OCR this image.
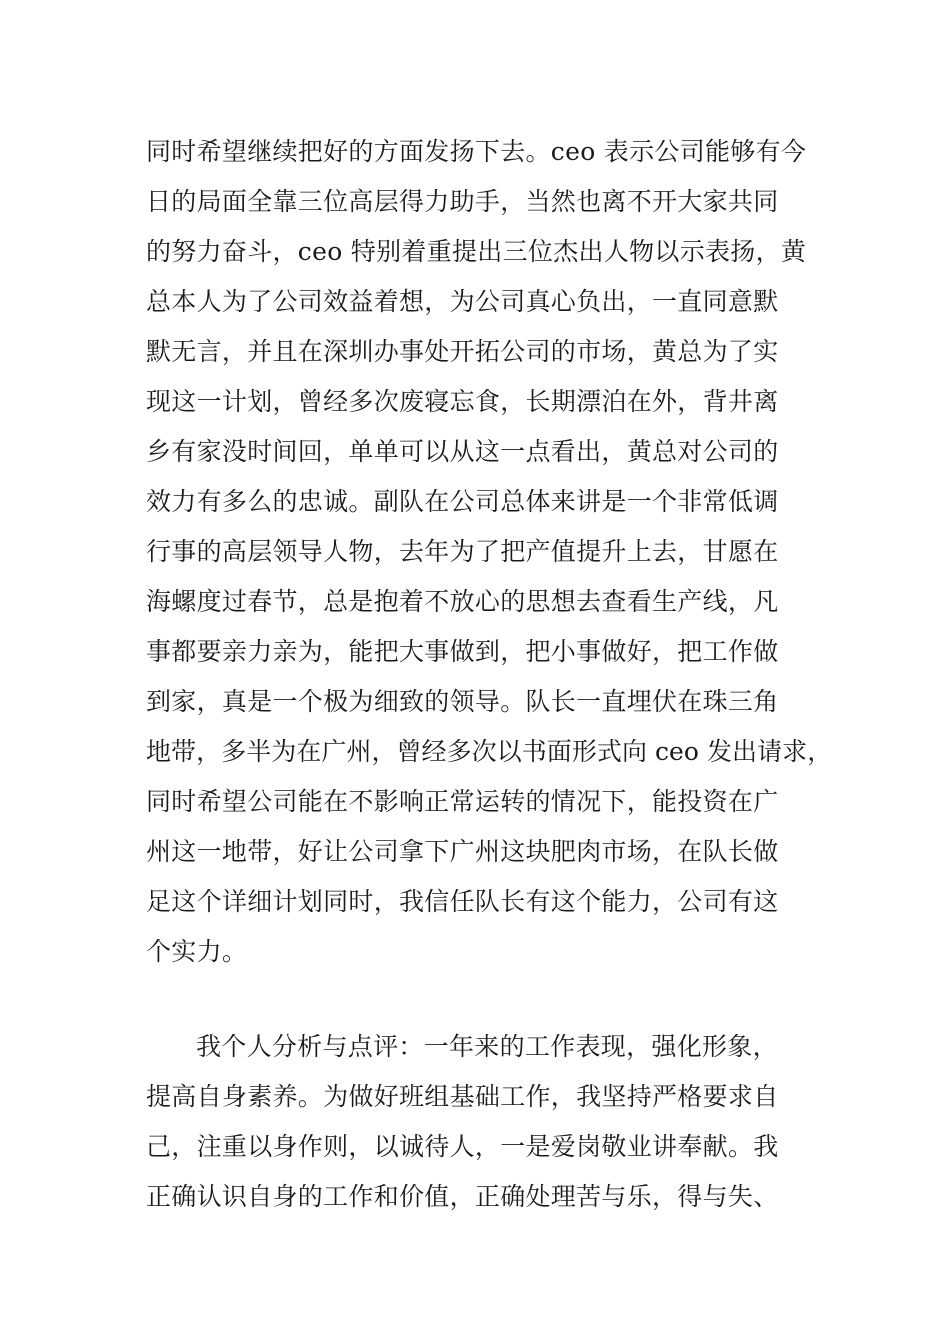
同时希望继续把好的方面发扬下去。ceo 表示公司能够有今
日的局面全靠三位高层得力助手，当然也离不开大家共同
的努力奋斗，ceo 特别着重提出三位杰出人物以示表扬，黄
总本人为了公司效益着想，为公司真心负出，一直同意默
默无言，并且在深圳办事处开拓公司的市场，黄总为了实
现这一计划，曾经多次废寝忘食，长期漂泊在外，背井离
乡有家没时间回，单单可以从这一点看出，黄总对公司的
效力有多么的忠诚。副队在公司总体来讲是一个非常低调
行事的高层领导人物，去年为了把产值提升上去，甘愿在
海螺度过春节，总是抱着不放心的思想去查看生产线，凡
事都要亲力亲为，能把大事做到，把小事做好，把工作做
到家，真是一个极为细致的领导。队长一直埋伏在珠三角
地带，多半为在广州，曾经多次以书面形式向 ceo 发出请求，
同时希望公司能在不影响正常运转的情况下，能投资在广
州这一地带，好让公司拿下广州这块肥肉市场，在队长做
足这个详细计划同时，我信任队长有这个能力，公司有这
个实力。
我个人分析与点评：一年来的工作表现，强化形象，
提高自身素养。为做好班组基础工作，我坚持严格要求自
己，注重以身作则，以诚待人，一是爱岗敬业讲奉献。我
正确认识自身的工作和价值，正确处理苦与乐，得与失、
